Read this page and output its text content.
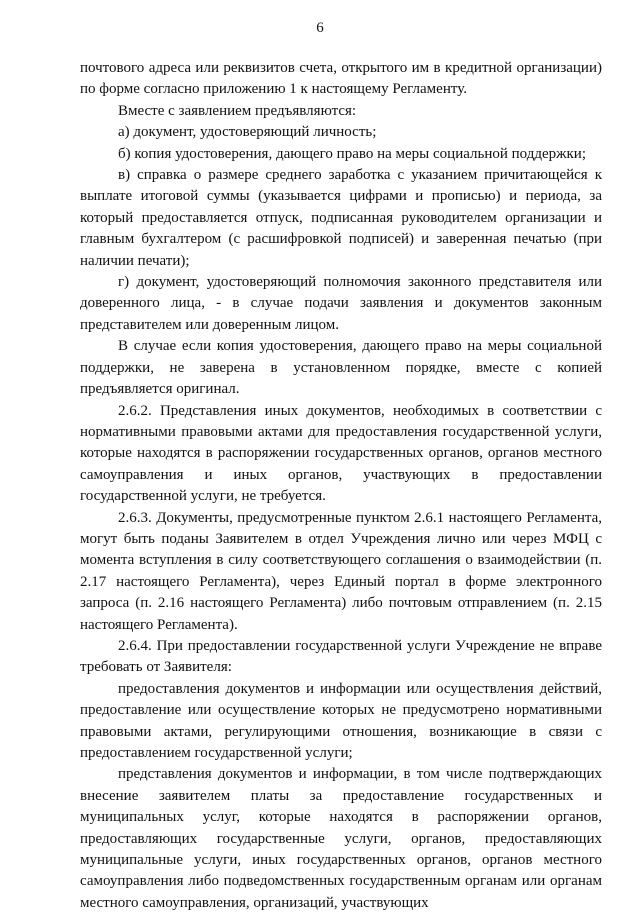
6

почтового адреса или реквизитов счета, открытого им в кредитной организации) по форме согласно приложению 1 к настоящему Регламенту.

Вместе с заявлением предъявляются:

а) документ, удостоверяющий личность;

б) копия удостоверения, дающего право на меры социальной поддержки;

в) справка о размере среднего заработка с указанием причитающейся к выплате итоговой суммы (указывается цифрами и прописью) и периода, за который предоставляется отпуск, подписанная руководителем организации и главным бухгалтером (с расшифровкой подписей) и заверенная печатью (при наличии печати);

г) документ, удостоверяющий полномочия законного представителя или доверенного лица, - в случае подачи заявления и документов законным представителем или доверенным лицом.

В случае если копия удостоверения, дающего право на меры социальной поддержки, не заверена в установленном порядке, вместе с копией предъявляется оригинал.

2.6.2. Представления иных документов, необходимых в соответствии с нормативными правовыми актами для предоставления государственной услуги, которые находятся в распоряжении государственных органов, органов местного самоуправления и иных органов, участвующих в предоставлении государственной услуги, не требуется.

2.6.3. Документы, предусмотренные пунктом 2.6.1 настоящего Регламента, могут быть поданы Заявителем в отдел Учреждения лично или через МФЦ с момента вступления в силу соответствующего соглашения о взаимодействии (п. 2.17 настоящего Регламента), через Единый портал в форме электронного запроса (п. 2.16 настоящего Регламента) либо почтовым отправлением (п. 2.15 настоящего Регламента).

2.6.4. При предоставлении государственной услуги Учреждение не вправе требовать от Заявителя:

предоставления документов и информации или осуществления действий, предоставление или осуществление которых не предусмотрено нормативными правовыми актами, регулирующими отношения, возникающие в связи с предоставлением государственной услуги;

представления документов и информации, в том числе подтверждающих внесение заявителем платы за предоставление государственных и муниципальных услуг, которые находятся в распоряжении органов, предоставляющих государственные услуги, органов, предоставляющих муниципальные услуги, иных государственных органов, органов местного самоуправления либо подведомственных государственным органам или органам местного самоуправления, организаций, участвующих
